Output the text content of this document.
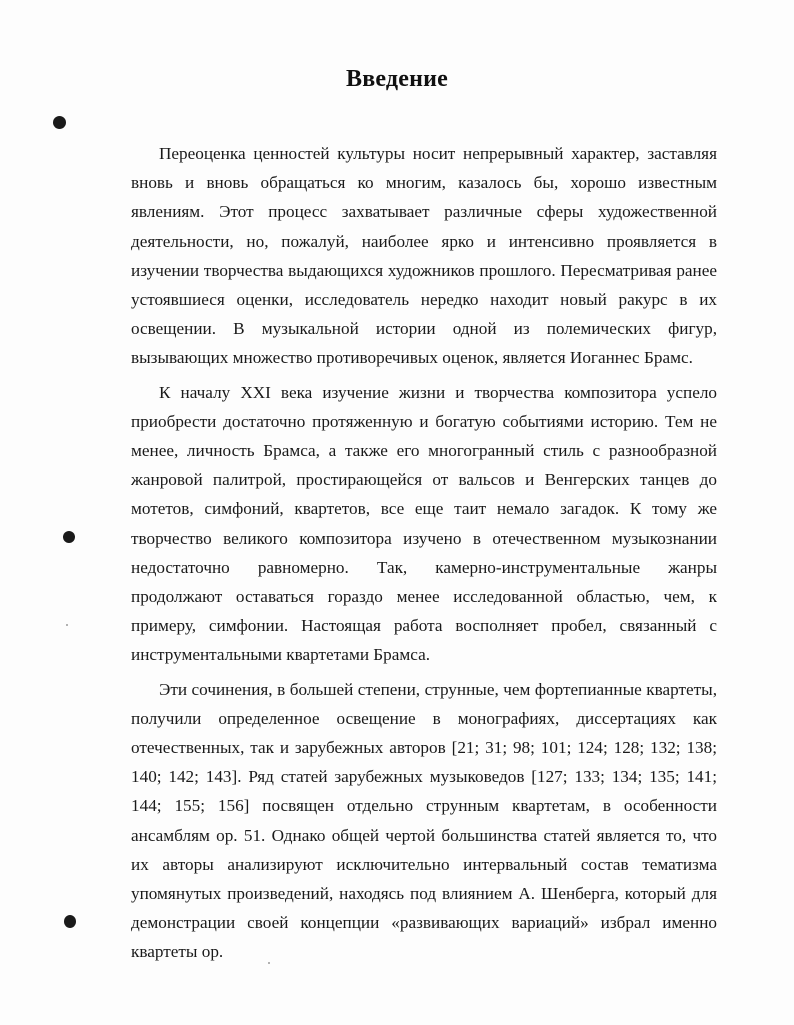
Введение

Переоценка ценностей культуры носит непрерывный характер, заставляя вновь и вновь обращаться ко многим, казалось бы, хорошо известным явлениям. Этот процесс захватывает различные сферы художественной деятельности, но, пожалуй, наиболее ярко и интенсивно проявляется в изучении творчества выдающихся художников прошлого. Пересматривая ранее устоявшиеся оценки, исследователь нередко находит новый ракурс в их освещении. В музыкальной истории одной из полемических фигур, вызывающих множество противоречивых оценок, является Иоганнес Брамс.

К началу XXI века изучение жизни и творчества композитора успело приобрести достаточно протяженную и богатую событиями историю. Тем не менее, личность Брамса, а также его многогранный стиль с разнообразной жанровой палитрой, простирающейся от вальсов и Венгерских танцев до мотетов, симфоний, квартетов, все еще таит немало загадок. К тому же творчество великого композитора изучено в отечественном музыкознании недостаточно равномерно. Так, камерно-инструментальные жанры продолжают оставаться гораздо менее исследованной областью, чем, к примеру, симфонии. Настоящая работа восполняет пробел, связанный с инструментальными квартетами Брамса.

Эти сочинения, в большей степени, струнные, чем фортепианные квартеты, получили определенное освещение в монографиях, диссертациях как отечественных, так и зарубежных авторов [21; 31; 98; 101; 124; 128; 132; 138; 140; 142; 143]. Ряд статей зарубежных музыковедов [127; 133; 134; 135; 141; 144; 155; 156] посвящен отдельно струнным квартетам, в особенности ансамблям ор. 51. Однако общей чертой большинства статей является то, что их авторы анализируют исключительно интервальный состав тематизма упомянутых произведений, находясь под влиянием А. Шенберга, который для демонстрации своей концепции «развивающих вариаций» избрал именно квартеты ор.
